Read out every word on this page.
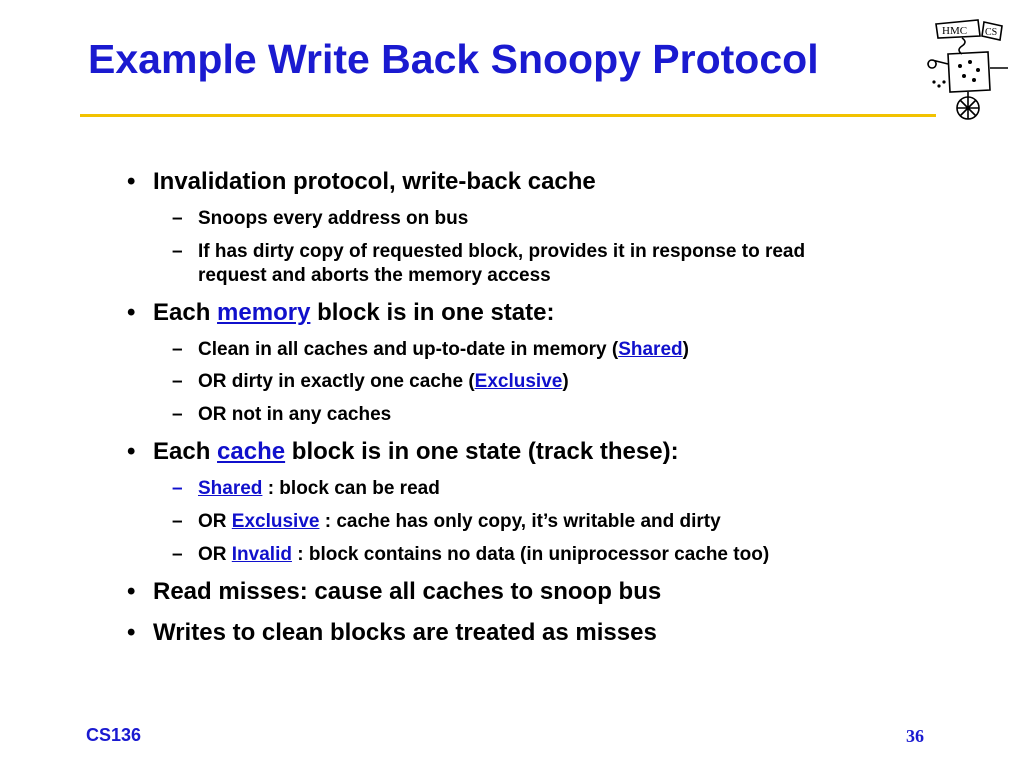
Example Write Back Snoopy Protocol
HMC CS
• Invalidation protocol, write-back cache
– Snoops every address on bus
– If has dirty copy of requested block, provides it in response to read
request and aborts the memory access
• Each memory block is in one state:
– Clean in all caches and up-to-date in memory (Shared)
– OR dirty in exactly one cache (Exclusive)
– OR not in any caches
• Each cache block is in one state (track these):
– Shared : block can be read
– OR Exclusive : cache has only copy, it’s writable and dirty
– OR Invalid : block contains no data (in uniprocessor cache too)
• Read misses: cause all caches to snoop bus
• Writes to clean blocks are treated as misses
CS136	36
